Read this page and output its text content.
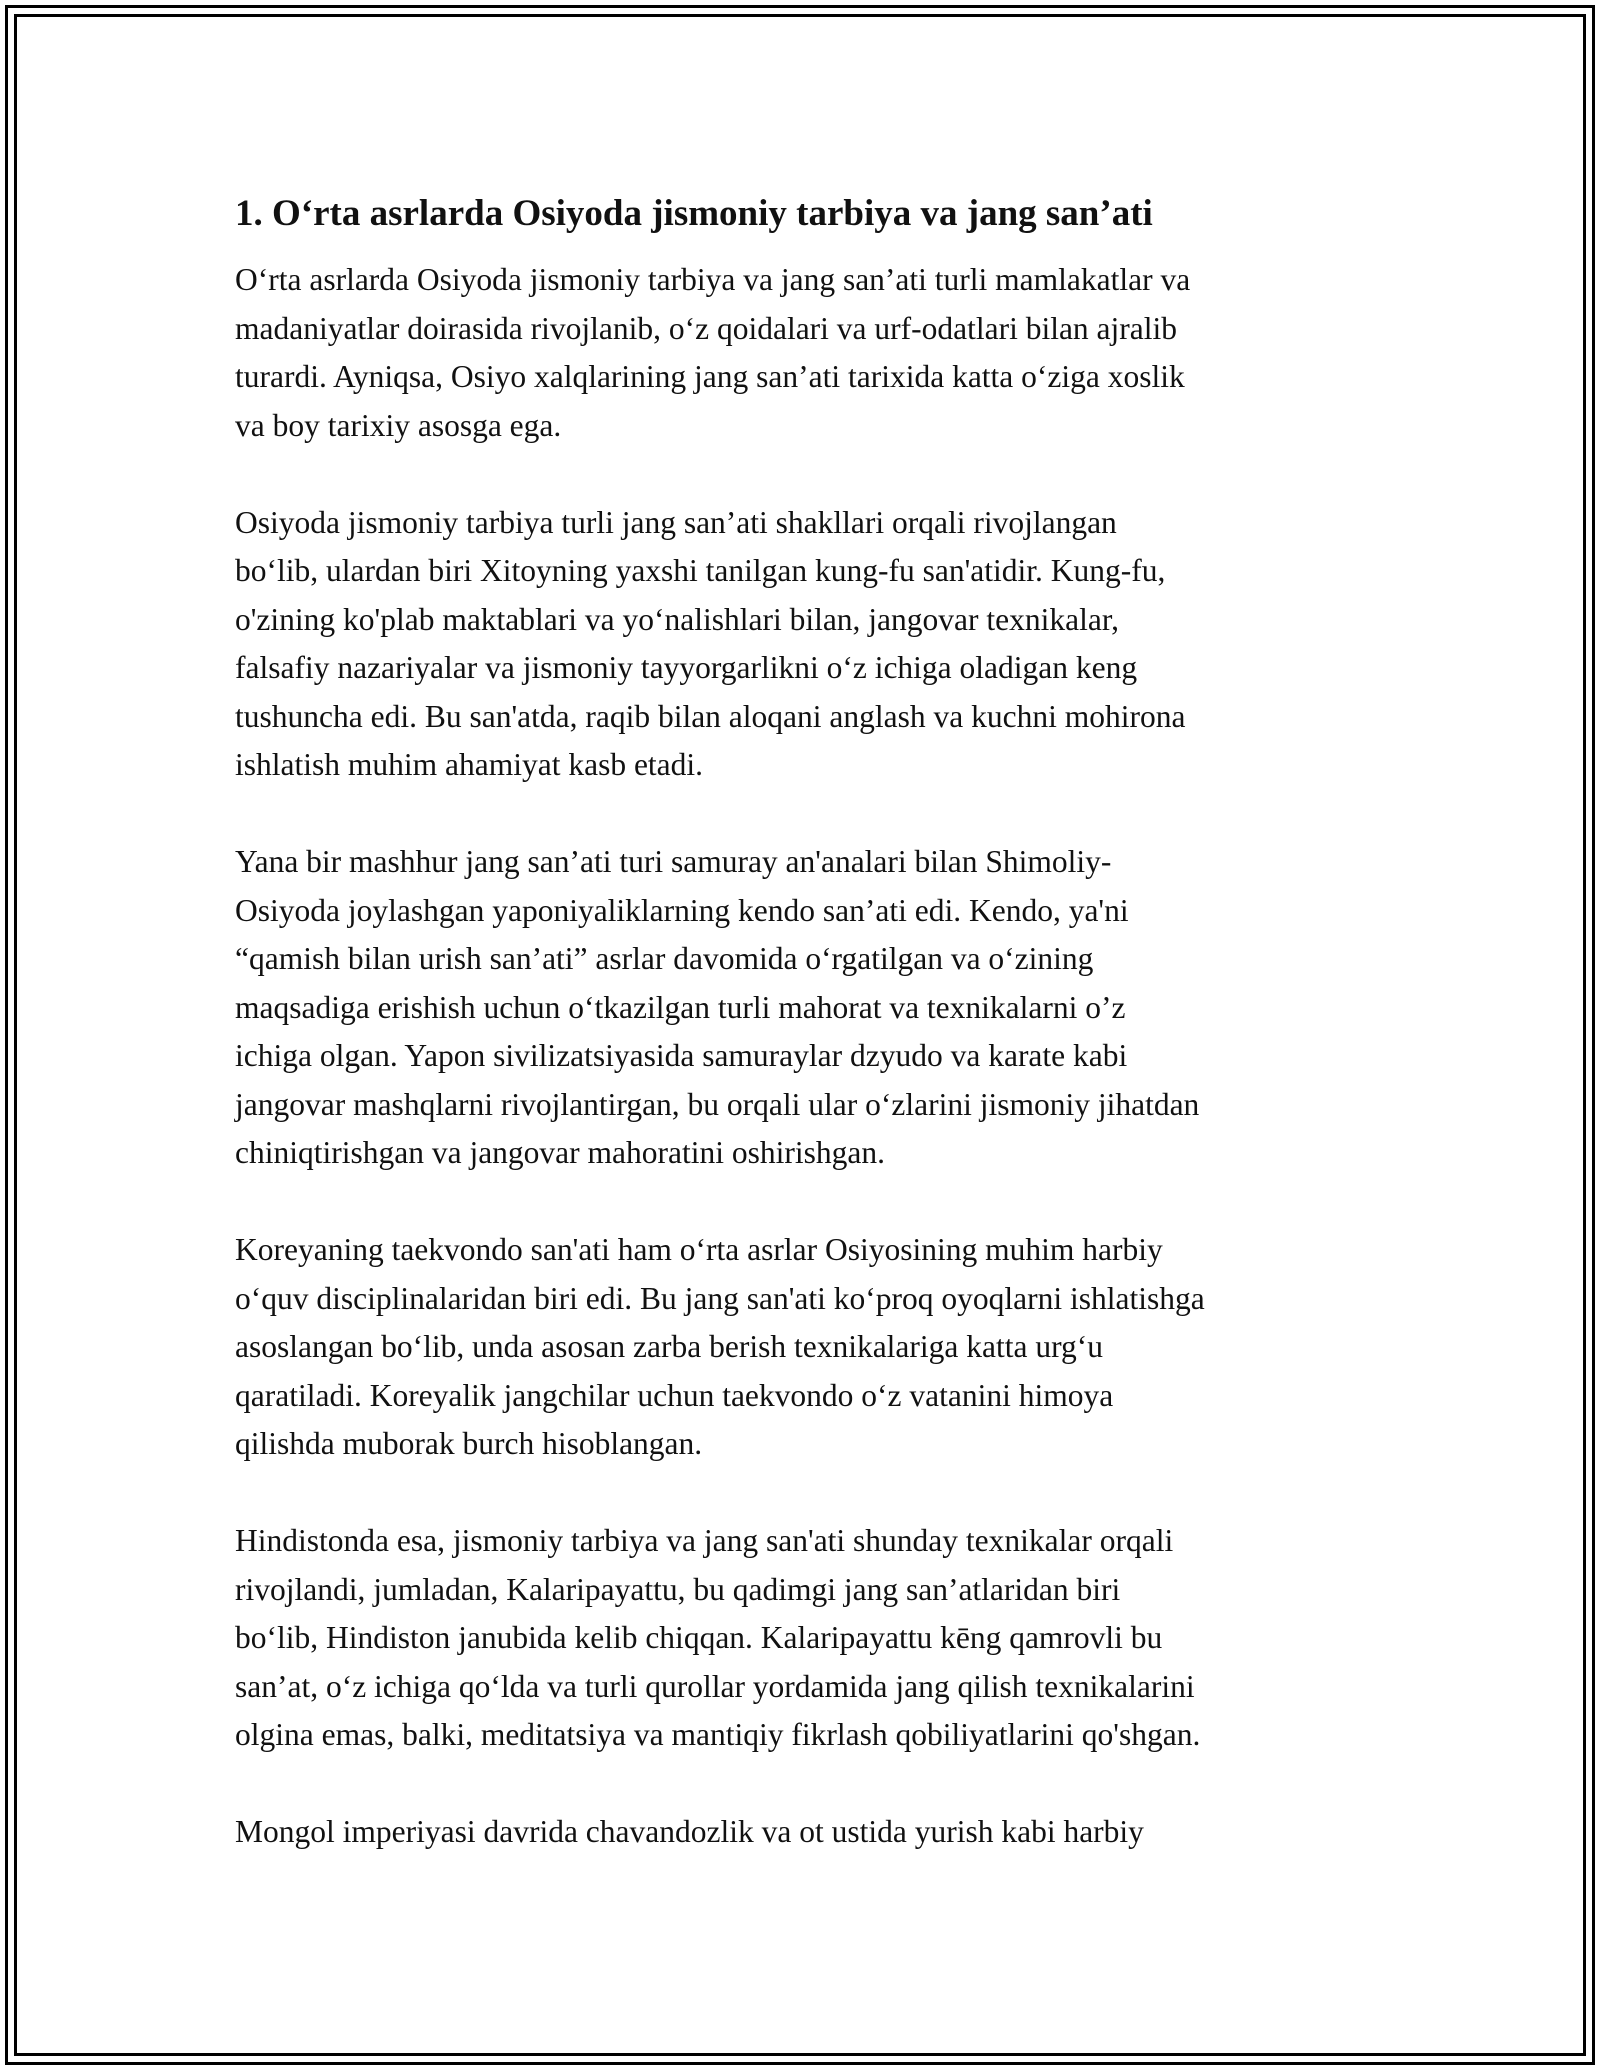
1. O‘rta asrlarda Osiyoda jismoniy tarbiya va jang san’ati

O‘rta asrlarda Osiyoda jismoniy tarbiya va jang san’ati turli mamlakatlar va
madaniyatlar doirasida rivojlanib, o‘z qoidalari va urf-odatlari bilan ajralib
turardi. Ayniqsa, Osiyo xalqlarining jang san’ati tarixida katta o‘ziga xoslik
va boy tarixiy asosga ega.

Osiyoda jismoniy tarbiya turli jang san’ati shakllari orqali rivojlangan
bo‘lib, ulardan biri Xitoyning yaxshi tanilgan kung-fu san'atidir. Kung-fu,
o'zining ko'plab maktablari va yo‘nalishlari bilan, jangovar texnikalar,
falsafiy nazariyalar va jismoniy tayyorgarlikni o‘z ichiga oladigan keng
tushuncha edi. Bu san'atda, raqib bilan aloqani anglash va kuchni mohirona
ishlatish muhim ahamiyat kasb etadi.

Yana bir mashhur jang san’ati turi samuray an'analari bilan Shimoliy-
Osiyoda joylashgan yaponiyaliklarning kendo san’ati edi. Kendo, ya'ni
“qamish bilan urish san’ati” asrlar davomida o‘rgatilgan va o‘zining
maqsadiga erishish uchun o‘tkazilgan turli mahorat va texnikalarni o’z
ichiga olgan. Yapon sivilizatsiyasida samuraylar dzyudo va karate kabi
jangovar mashqlarni rivojlantirgan, bu orqali ular o‘zlarini jismoniy jihatdan
chiniqtirishgan va jangovar mahoratini oshirishgan.

Koreyaning taekvondo san'ati ham o‘rta asrlar Osiyosining muhim harbiy
o‘quv disciplinalaridan biri edi. Bu jang san'ati ko‘proq oyoqlarni ishlatishga
asoslangan bo‘lib, unda asosan zarba berish texnikalariga katta urg‘u
qaratiladi. Koreyalik jangchilar uchun taekvondo o‘z vatanini himoya
qilishda muborak burch hisoblangan.

Hindistonda esa, jismoniy tarbiya va jang san'ati shunday texnikalar orqali
rivojlandi, jumladan, Kalaripayattu, bu qadimgi jang san’atlaridan biri
bo‘lib, Hindiston janubida kelib chiqqan. Kalaripayattu kēng qamrovli bu
san’at, o‘z ichiga qo‘lda va turli qurollar yordamida jang qilish texnikalarini
olgina emas, balki, meditatsiya va mantiqiy fikrlash qobiliyatlarini qo'shgan.

Mongol imperiyasi davrida chavandozlik va ot ustida yurish kabi harbiy
